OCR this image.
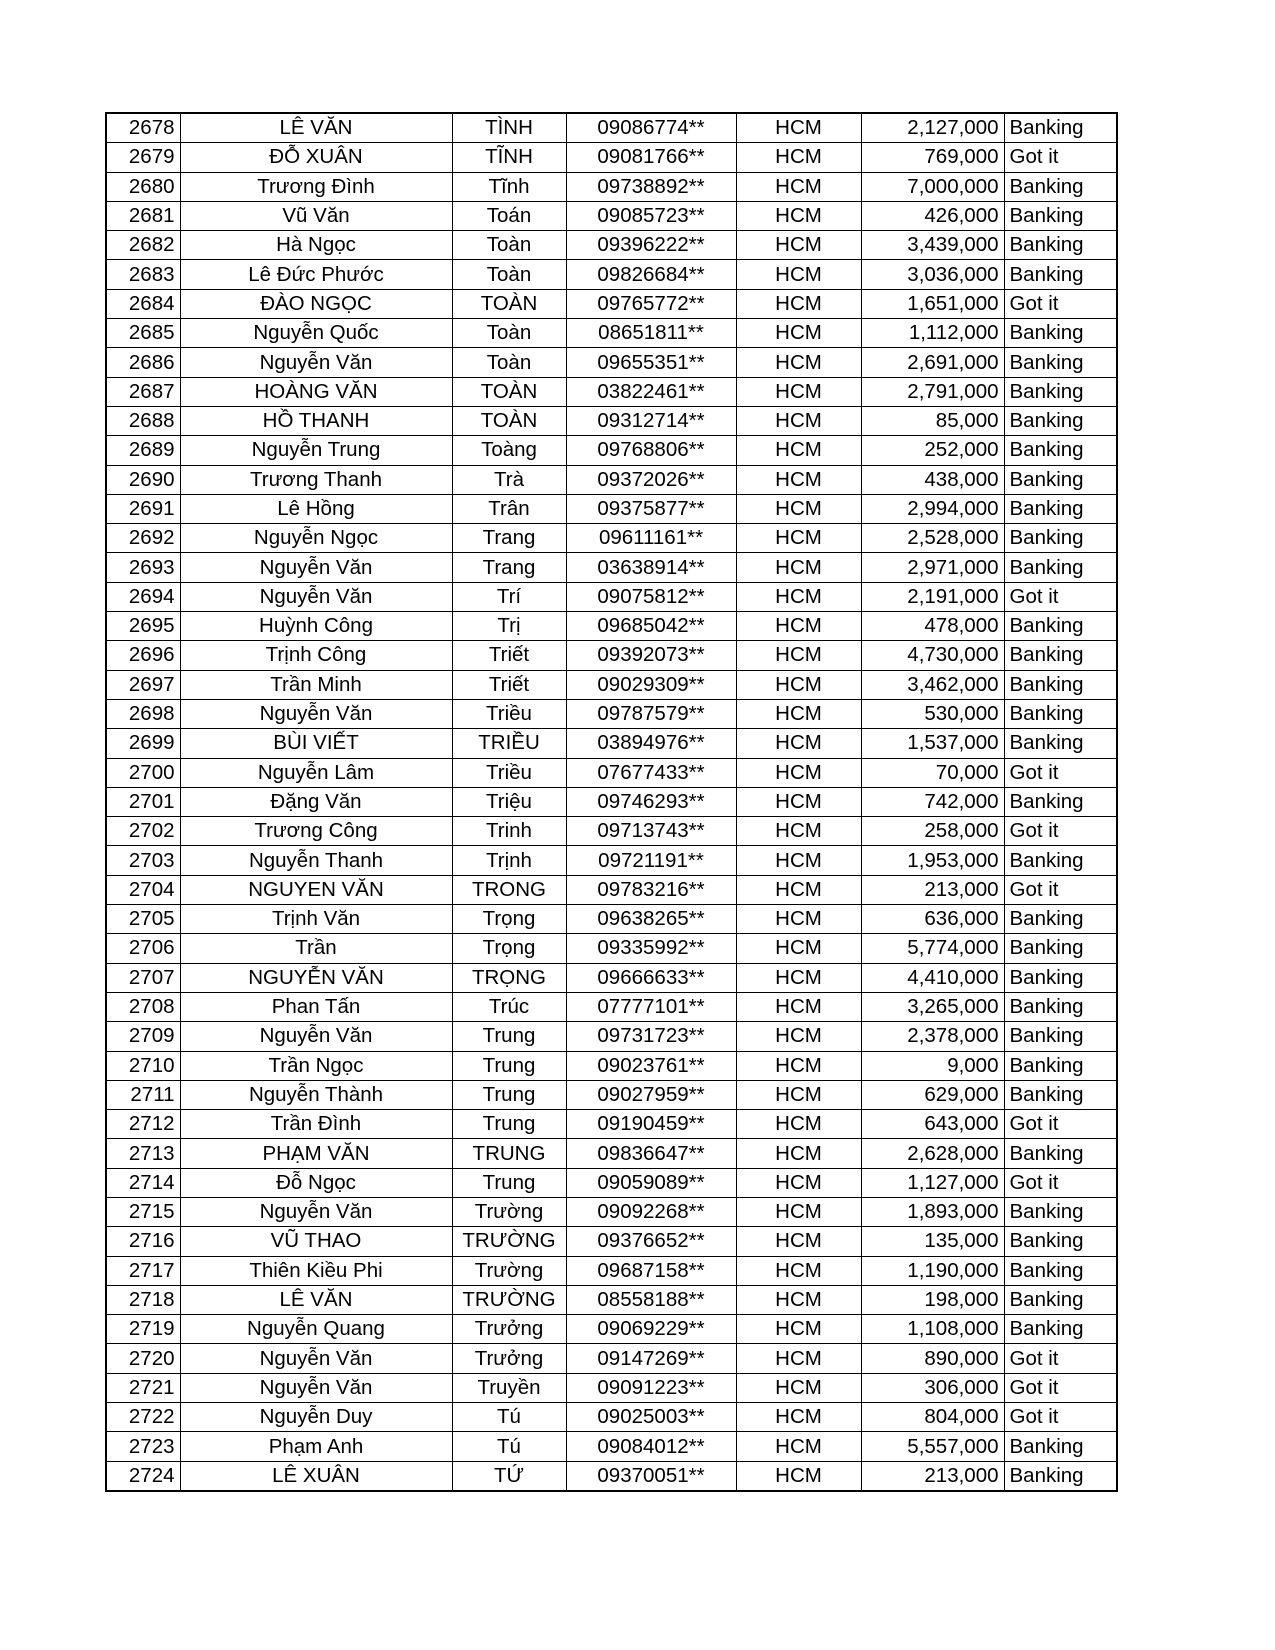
2678	LÊ VĂN	TÌNH	09086774**	HCM	2,127,000	Banking
2679	ĐỖ XUÂN	TĨNH	09081766**	HCM	769,000	Got it
2680	Trương Đình	Tĩnh	09738892**	HCM	7,000,000	Banking
2681	Vũ Văn	Toán	09085723**	HCM	426,000	Banking
2682	Hà Ngọc	Toàn	09396222**	HCM	3,439,000	Banking
2683	Lê Đức Phước	Toàn	09826684**	HCM	3,036,000	Banking
2684	ĐÀO NGỌC	TOÀN	09765772**	HCM	1,651,000	Got it
2685	Nguyễn Quốc	Toàn	08651811**	HCM	1,112,000	Banking
2686	Nguyễn Văn	Toàn	09655351**	HCM	2,691,000	Banking
2687	HOÀNG VĂN	TOÀN	03822461**	HCM	2,791,000	Banking
2688	HỒ THANH	TOÀN	09312714**	HCM	85,000	Banking
2689	Nguyễn Trung	Toàng	09768806**	HCM	252,000	Banking
2690	Trương Thanh	Trà	09372026**	HCM	438,000	Banking
2691	Lê Hồng	Trân	09375877**	HCM	2,994,000	Banking
2692	Nguyễn Ngọc	Trang	09611161**	HCM	2,528,000	Banking
2693	Nguyễn Văn	Trang	03638914**	HCM	2,971,000	Banking
2694	Nguyễn Văn	Trí	09075812**	HCM	2,191,000	Got it
2695	Huỳnh Công	Trị	09685042**	HCM	478,000	Banking
2696	Trịnh Công	Triết	09392073**	HCM	4,730,000	Banking
2697	Trần Minh	Triết	09029309**	HCM	3,462,000	Banking
2698	Nguyễn Văn	Triều	09787579**	HCM	530,000	Banking
2699	BÙI VIẾT	TRIỀU	03894976**	HCM	1,537,000	Banking
2700	Nguyễn Lâm	Triều	07677433**	HCM	70,000	Got it
2701	Đặng Văn	Triệu	09746293**	HCM	742,000	Banking
2702	Trương Công	Trinh	09713743**	HCM	258,000	Got it
2703	Nguyễn Thanh	Trịnh	09721191**	HCM	1,953,000	Banking
2704	NGUYEN VĂN	TRONG	09783216**	HCM	213,000	Got it
2705	Trịnh Văn	Trọng	09638265**	HCM	636,000	Banking
2706	Trần	Trọng	09335992**	HCM	5,774,000	Banking
2707	NGUYỄN VĂN	TRỌNG	09666633**	HCM	4,410,000	Banking
2708	Phan Tấn	Trúc	07777101**	HCM	3,265,000	Banking
2709	Nguyễn Văn	Trung	09731723**	HCM	2,378,000	Banking
2710	Trần Ngọc	Trung	09023761**	HCM	9,000	Banking
2711	Nguyễn Thành	Trung	09027959**	HCM	629,000	Banking
2712	Trần Đình	Trung	09190459**	HCM	643,000	Got it
2713	PHẠM VĂN	TRUNG	09836647**	HCM	2,628,000	Banking
2714	Đỗ Ngọc	Trung	09059089**	HCM	1,127,000	Got it
2715	Nguyễn Văn	Trường	09092268**	HCM	1,893,000	Banking
2716	VŨ THAO	TRƯỜNG	09376652**	HCM	135,000	Banking
2717	Thiên Kiều Phi	Trường	09687158**	HCM	1,190,000	Banking
2718	LÊ VĂN	TRƯỜNG	08558188**	HCM	198,000	Banking
2719	Nguyễn Quang	Trưởng	09069229**	HCM	1,108,000	Banking
2720	Nguyễn Văn	Trưởng	09147269**	HCM	890,000	Got it
2721	Nguyễn Văn	Truyền	09091223**	HCM	306,000	Got it
2722	Nguyễn Duy	Tú	09025003**	HCM	804,000	Got it
2723	Phạm Anh	Tú	09084012**	HCM	5,557,000	Banking
2724	LÊ XUÂN	TỨ	09370051**	HCM	213,000	Banking
